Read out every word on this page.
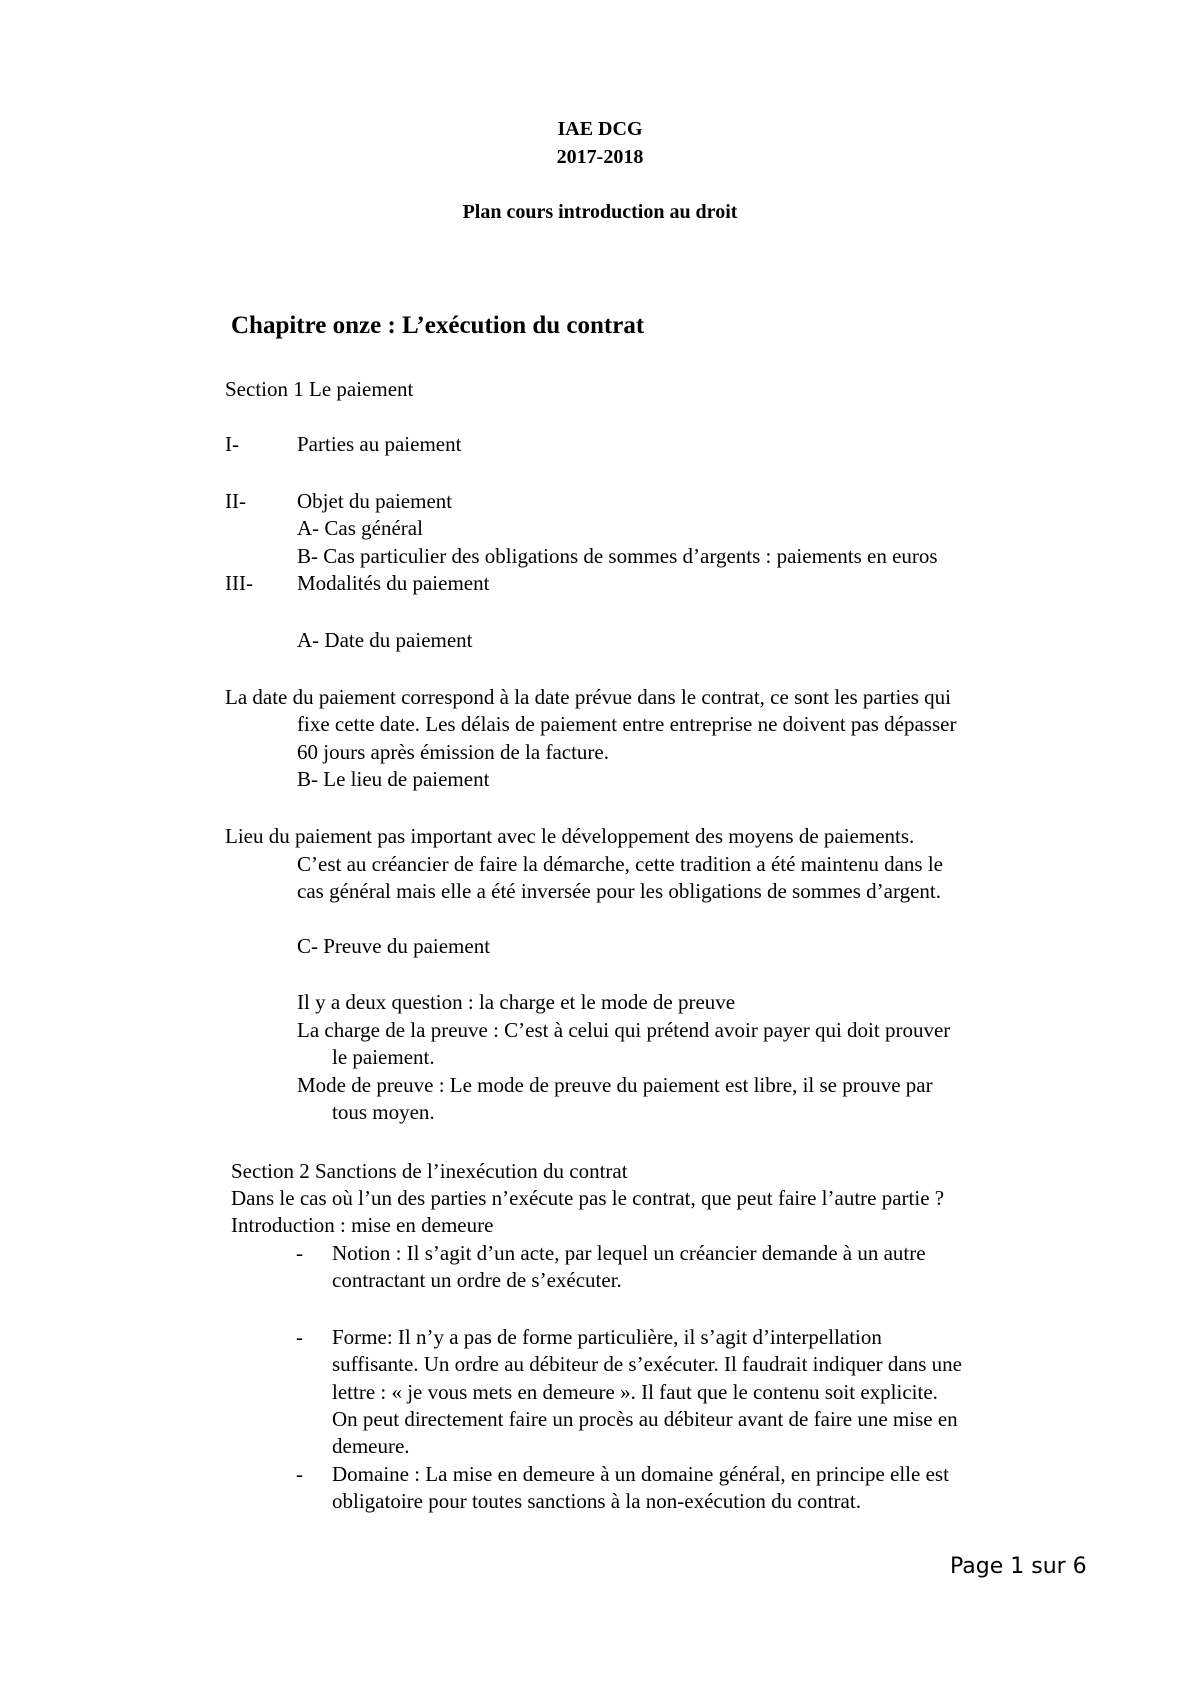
IAE DCG
2017-2018
Plan cours introduction au droit
Chapitre onze : L’exécution du contrat
Section 1 Le paiement
I-	Parties au paiement
II- Objet du paiement
A- Cas général
B- Cas particulier des obligations de sommes d’argents : paiements en euros
III- Modalités du paiement
A- Date du paiement
La date du paiement correspond à la date prévue dans le contrat, ce sont les parties qui
fixe cette date. Les délais de paiement entre entreprise ne doivent pas dépasser
60 jours après émission de la facture.
B- Le lieu de paiement
Lieu du paiement pas important avec le développement des moyens de paiements.
C’est au créancier de faire la démarche, cette tradition a été maintenu dans le
cas général mais elle a été inversée pour les obligations de sommes d’argent.
C- Preuve du paiement
Il y a deux question : la charge et le mode de preuve
La charge de la preuve : C’est à celui qui prétend avoir payer qui doit prouver
le paiement.
Mode de preuve : Le mode de preuve du paiement est libre, il se prouve par
tous moyen.
Section 2 Sanctions de l’inexécution du contrat
Dans le cas où l’un des parties n’exécute pas le contrat, que peut faire l’autre partie ?
Introduction : mise en demeure
- Notion : Il s’agit d’un acte, par lequel un créancier demande à un autre
contractant un ordre de s’exécuter.
- Forme: Il n’y a pas de forme particulière, il s’agit d’interpellation
suffisante. Un ordre au débiteur de s’exécuter. Il faudrait indiquer dans une
lettre : « je vous mets en demeure ». Il faut que le contenu soit explicite.
On peut directement faire un procès au débiteur avant de faire une mise en
demeure.
- Domaine : La mise en demeure à un domaine général, en principe elle est
obligatoire pour toutes sanctions à la non-exécution du contrat.
Page 1 sur 6
